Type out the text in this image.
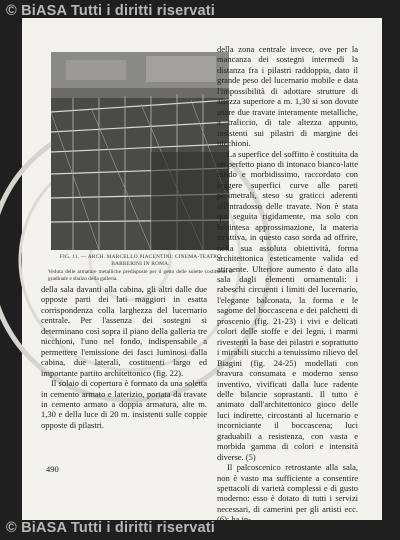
© BiASA Tutti i diritti riservati
FIG. 11. — ARCH. MARCELLO PIACENTINI: CINEMA-TEATRO BARBERINI IN ROMA.
Veduta delle armature metalliche predisposte per il getto delle solette costituenti le gradinate e sbalzo della galleria.

della zona centrale invece, ove per la mancanza dei sostegni intermedi la distanza fra i pilastri raddoppia, dato il grande peso del lucernario mobile e data l'impossibilità di adottare strutture di altezza superiore a m. 1,30 si son dovute usare due travate interamente metalliche, a traliccio, di tale altezza appunto, insistenti sui pilastri di margine dei nicchioni.

La superfice del soffitto è costituita da un perfetto piano di intonaco bianco-latte nitido e morbidissimo, raccordato con leggere superfici curve alle pareti perimetrali, steso su graticci aderenti all'intradosso delle travate. Non è stata qui seguita rigidamente, ma solo con benintesa approssimazione, la materia struttiva, in questo caso sorda ad offrire, nella sua assoluta obiettività, forma architettonica esteticamente valida ed attraente. Ulteriore aumento è dato alla sala dagli elementi ornamentali: i rabeschi circuenti i limiti del lucernario, l'elegante balconata, la forma e le sagome del boccascena e dei palchetti di proscenio (fig. 21-23) i vivi e delicati colori delle stoffe e dei legni, i marmi rivestenti la base dei pilastri e soprattutto i mirabili stucchi a tenuissimo rilievo del Biagini (fig. 24-25) modellati con bravura consumata e moderno senso inventivo, vivificati dalla luce radente delle bilancie soprastanti. Il tutto è animato dall'architettonico gioco delle luci indirette, circostanti al lucernario e incorniciante il boccascena; luci graduabili a resistenza, con vasta e morbida gamma di colori e intensità diverse. (5)

Il palcoscenico retrostante alla sala, non è vasto ma sufficiente a consentire spettacoli di varietà complessi e di gusto moderno: esso è dotato di tutti i servizi necessari, di camerini per gli artisti ecc. (6); ha in-

della sala davanti alla cabina, gli altri dalle due opposte parti dei lati maggiori in esatta corrispondenza colla larghezza del lucernario centrale. Per l'assenza dei sostegni si determinano così sopra il piano della galleria tre nicchioni, l'uno nel fondo, indispensabile a permettere l'emissione dei fasci luminosi dalla cabina, due laterali, costituenti largo ed importante partito architettonico (fig. 22).

Il solaio di copertura è formato da una soletta in cemento armato e laterizio, portata da travate in cemento armato a doppia armatura, alte m. 1,30 e della luce di 20 m. insistenti sulle coppie opposte di pilastri.

490
© BiASA Tutti i diritti riservati
